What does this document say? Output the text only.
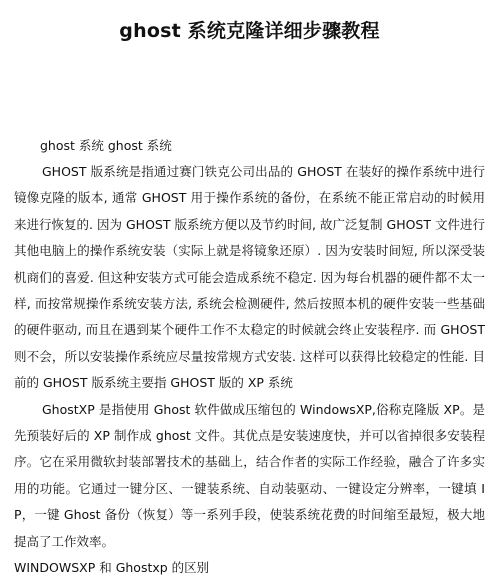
ghost 系统克隆详细步骤教程
ghost 系统 ghost 系统

GHOST 版系统是指通过赛门铁克公司出品的 GHOST 在装好的操作系统中进行镜像克隆的版本, 通常 GHOST 用于操作系统的备份，在系统不能正常启动的时候用来进行恢复的. 因为 GHOST 版系统方便以及节约时间, 故广泛复制 GHOST 文件进行其他电脑上的操作系统安装（实际上就是将镜象还原）. 因为安装时间短, 所以深受装机商们的喜爱. 但这种安装方式可能会造成系统不稳定. 因为每台机器的硬件都不太一样, 而按常规操作系统安装方法, 系统会检测硬件, 然后按照本机的硬件安装一些基础的硬件驱动, 而且在遇到某个硬件工作不太稳定的时候就会终止安装程序. 而 GHOST 则不会，所以安装操作系统应尽量按常规方式安装. 这样可以获得比较稳定的性能. 目前的 GHOST 版系统主要指 GHOST 版的 XP 系统

GhostXP 是指使用 Ghost 软件做成压缩包的 WindowsXP,俗称克隆版 XP。是先预装好后的 XP 制作成 ghost 文件。其优点是安装速度快，并可以省掉很多安装程序。它在采用微软封装部署技术的基础上，结合作者的实际工作经验，融合了许多实用的功能。它通过一键分区、一键装系统、自动装驱动、一键设定分辨率，一键填 IP，一键 Ghost 备份（恢复）等一系列手段，使装系统花费的时间缩至最短，极大地提高了工作效率。

WINDOWSXP 和 Ghostxp 的区别
